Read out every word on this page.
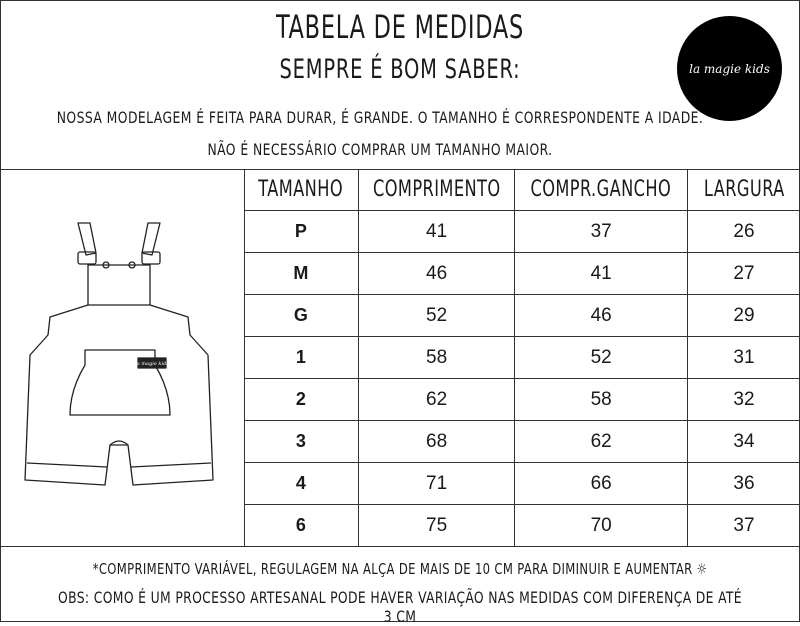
TABELA DE MEDIDAS
SEMPRE É BOM SABER:
NOSSA MODELAGEM É FEITA PARA DURAR, É GRANDE. O TAMANHO É CORRESPONDENTE A IDADE.
NÃO É NECESSÁRIO COMPRAR UM TAMANHO MAIOR.
la magie kids
la magie kids
TAMANHO	COMPRIMENTO	COMPR.GANCHO	LARGURA
P	41	37	26
M	46	41	27
G	52	46	29
1	58	52	31
2	62	58	32
3	68	62	34
4	71	66	36
6	75	70	37
*COMPRIMENTO VARIÁVEL, REGULAGEM NA ALÇA DE MAIS DE 10 CM PARA DIMINUIR E AUMENTAR ☼
OBS: COMO É UM PROCESSO ARTESANAL PODE HAVER VARIAÇÃO NAS MEDIDAS COM DIFERENÇA DE ATÉ 3 CM
